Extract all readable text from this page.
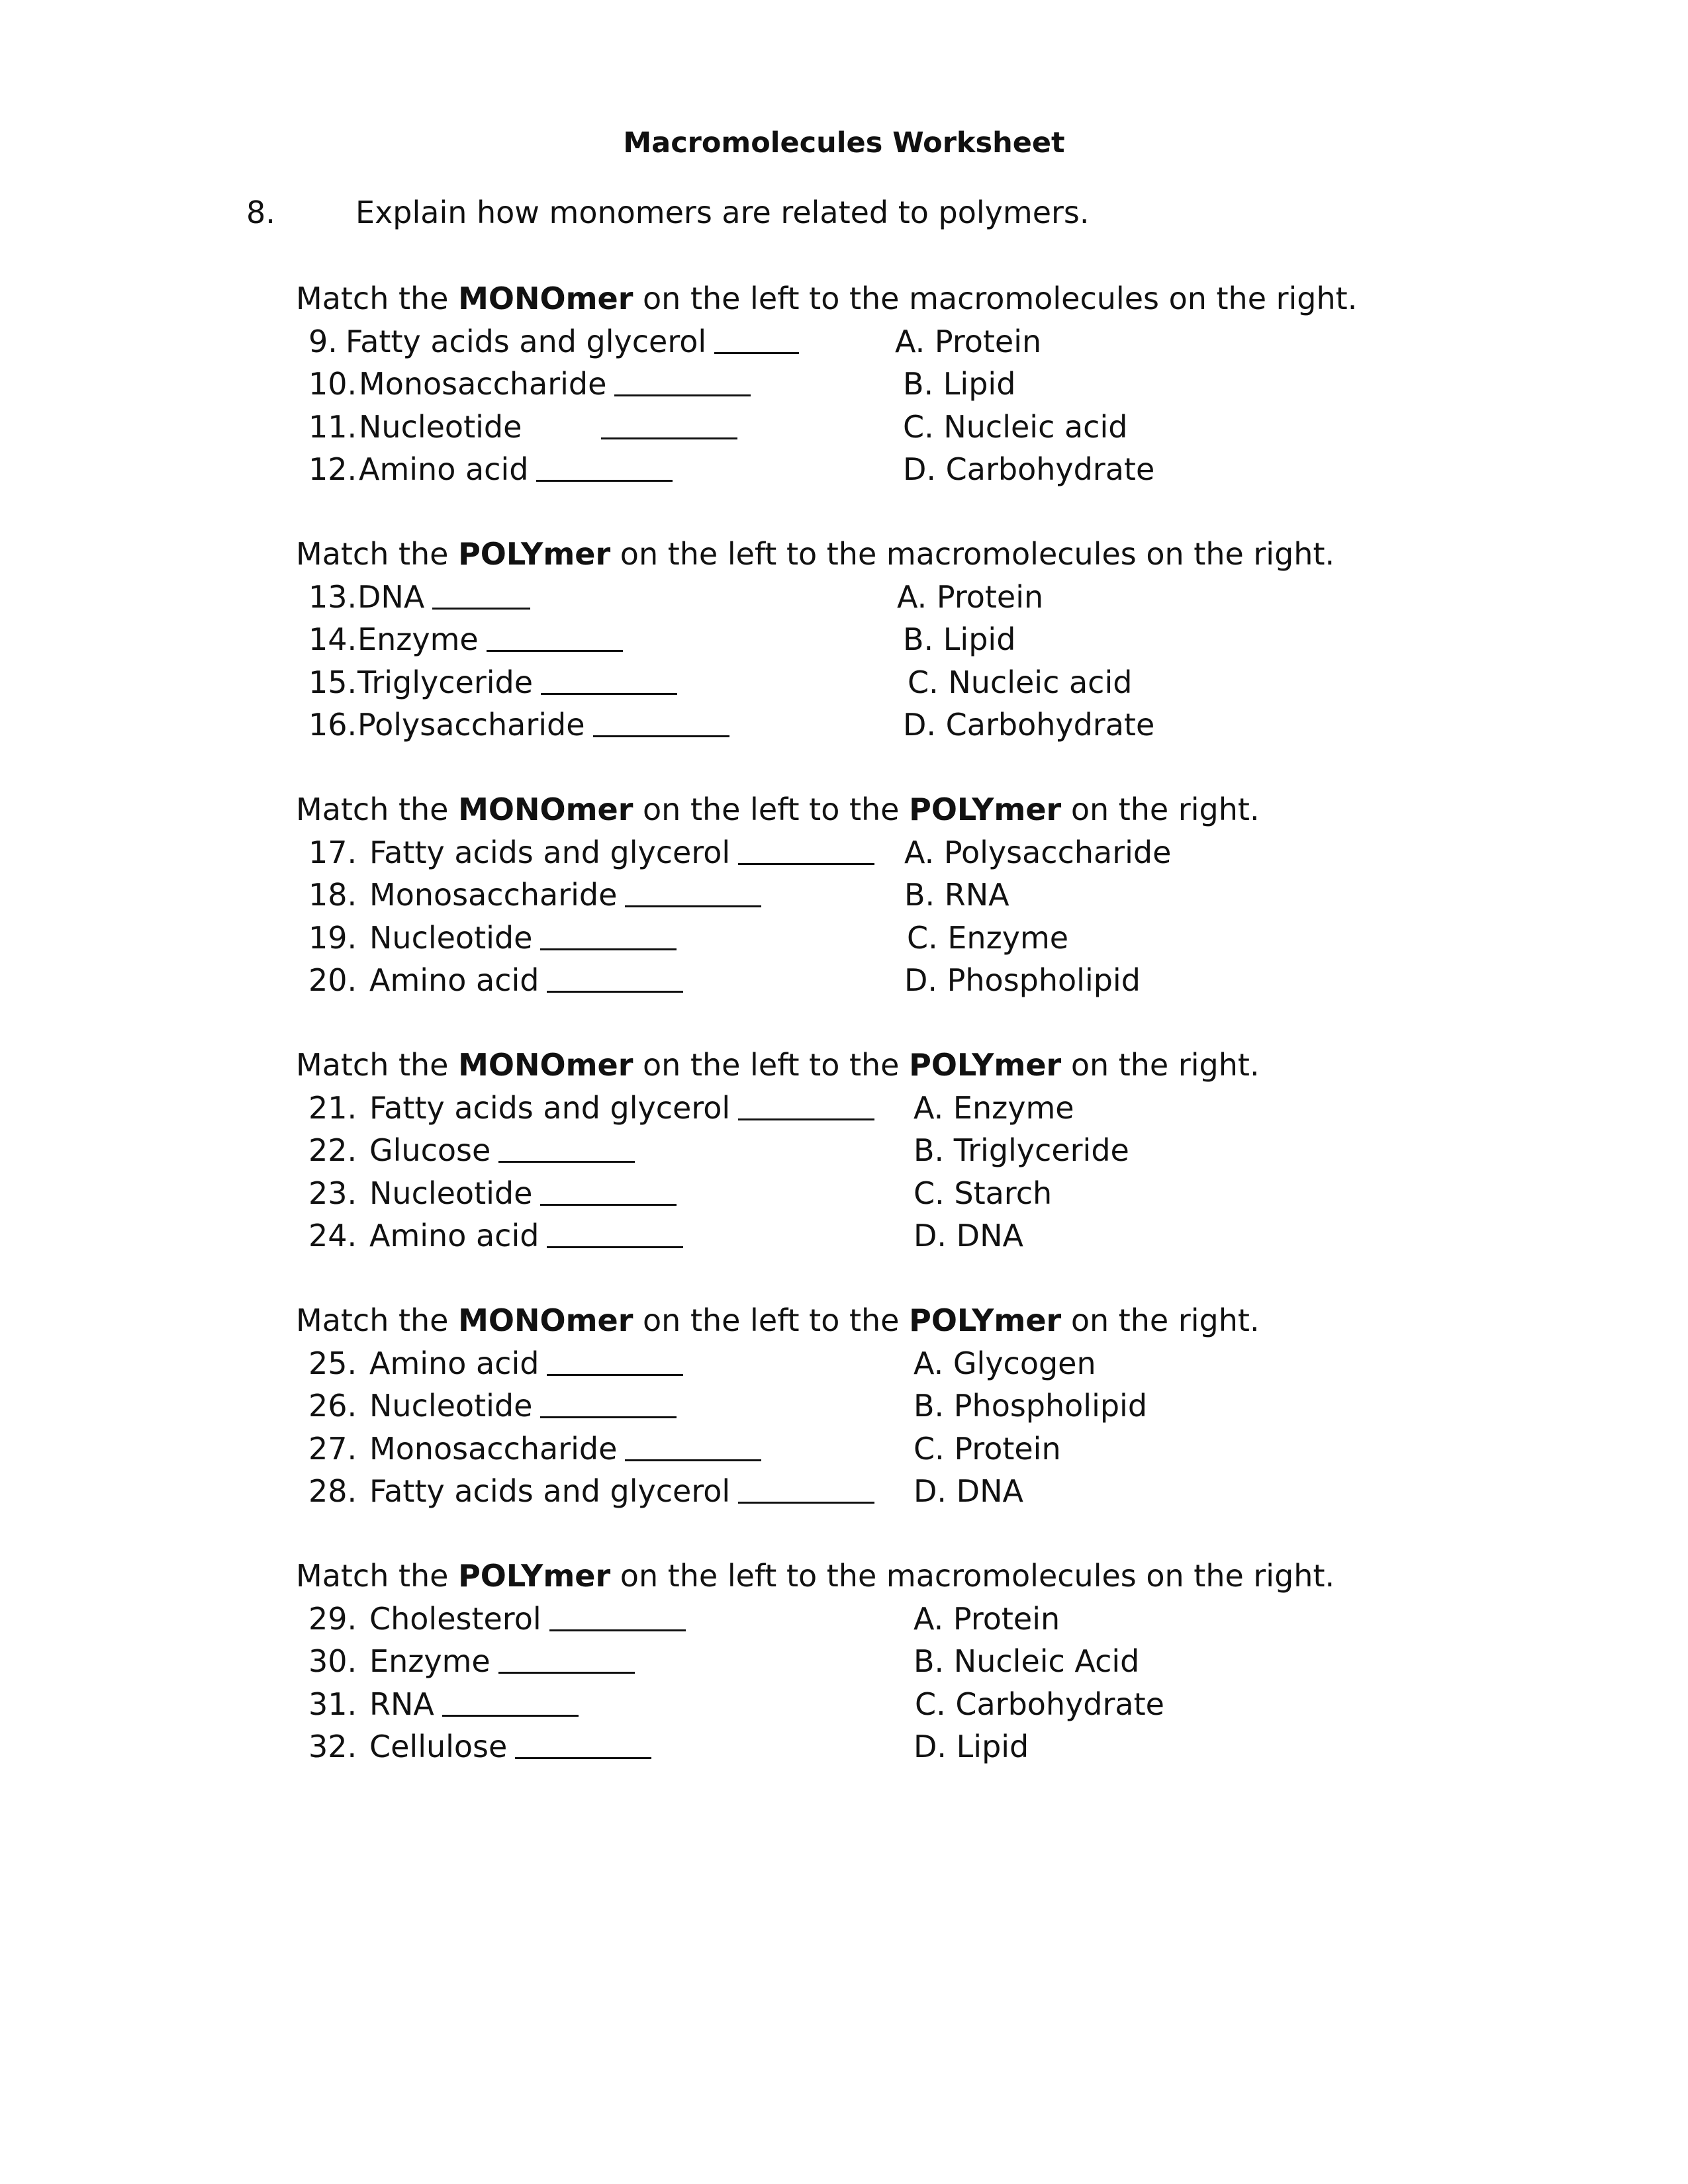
Macromolecules Worksheet
8.	Explain how monomers are related to polymers.
Match the MONOmer on the left to the macromolecules on the right.
9. Fatty acids and glycerol	A. Protein
10. Monosaccharide	B. Lipid
11. Nucleotide	C. Nucleic acid
12. Amino acid	D. Carbohydrate
Match the POLYmer on the left to the macromolecules on the right.
13. DNA	A. Protein
14. Enzyme	B. Lipid
15. Triglyceride	C. Nucleic acid
16. Polysaccharide	D. Carbohydrate
Match the MONOmer on the left to the POLYmer on the right.
17. Fatty acids and glycerol	A. Polysaccharide
18. Monosaccharide	B. RNA
19. Nucleotide	C. Enzyme
20. Amino acid	D. Phospholipid
Match the MONOmer on the left to the POLYmer on the right.
21. Fatty acids and glycerol	A. Enzyme
22. Glucose	B. Triglyceride
23. Nucleotide	C. Starch
24. Amino acid	D. DNA
Match the MONOmer on the left to the POLYmer on the right.
25. Amino acid	A. Glycogen
26. Nucleotide	B. Phospholipid
27. Monosaccharide	C. Protein
28. Fatty acids and glycerol	D. DNA
Match the POLYmer on the left to the macromolecules on the right.
29. Cholesterol	A. Protein
30. Enzyme	B. Nucleic Acid
31. RNA	C. Carbohydrate
32. Cellulose	D. Lipid
